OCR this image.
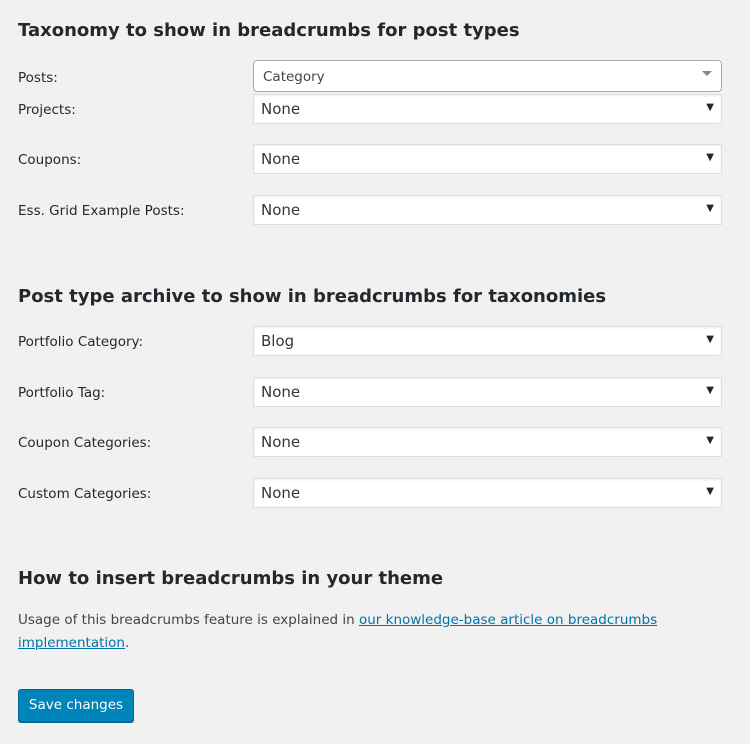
Taxonomy to show in breadcrumbs for post types
Posts:	Category
Projects:	None	▼
Coupons:	None	▼
Ess. Grid Example Posts:	None	▼
Post type archive to show in breadcrumbs for taxonomies
Portfolio Category:	Blog	▼
Portfolio Tag:	None	▼
Coupon Categories:	None	▼
Custom Categories:	None	▼
How to insert breadcrumbs in your theme

Usage of this breadcrumbs feature is explained in our knowledge-base article on breadcrumbs implementation.

Save changes
